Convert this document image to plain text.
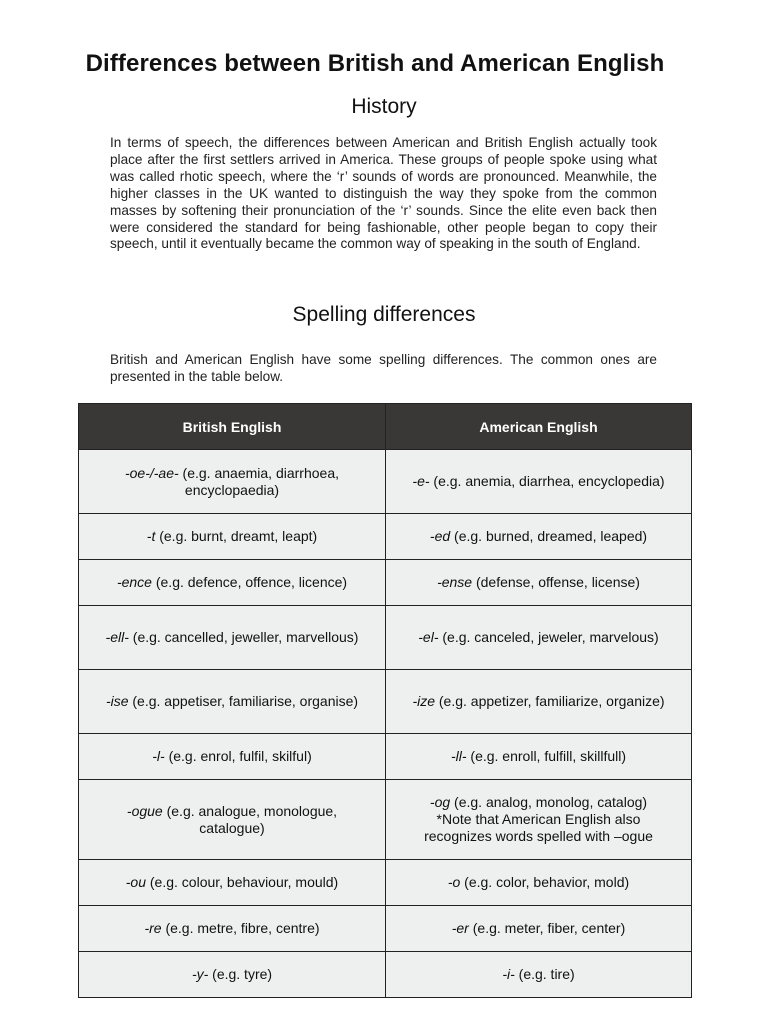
Differences between British and American English
History

In terms of speech, the differences between American and British English actually took place after the first settlers arrived in America. These groups of people spoke using what was called rhotic speech, where the ‘r’ sounds of words are pronounced. Meanwhile, the higher classes in the UK wanted to distinguish the way they spoke from the common masses by softening their pronunciation of the ‘r’ sounds. Since the elite even back then were considered the standard for being fashionable, other people began to copy their speech, until it eventually became the common way of speaking in the south of England.

Spelling differences

British and American English have some spelling differences. The common ones are presented in the table below.

British English	American English
-oe-/-ae- (e.g. anaemia, diarrhoea, encyclopaedia)	-e- (e.g. anemia, diarrhea, encyclopedia)
-t (e.g. burnt, dreamt, leapt)	-ed (e.g. burned, dreamed, leaped)
-ence (e.g. defence, offence, licence)	-ense (defense, offense, license)
-ell- (e.g. cancelled, jeweller, marvellous)	-el- (e.g. canceled, jeweler, marvelous)
-ise (e.g. appetiser, familiarise, organise)	-ize (e.g. appetizer, familiarize, organize)
-l- (e.g. enrol, fulfil, skilful)	-ll- (e.g. enroll, fulfill, skillfull)
-ogue (e.g. analogue, monologue, catalogue)	-og (e.g. analog, monolog, catalog)
*Note that American English also recognizes words spelled with –ogue

-ou (e.g. colour, behaviour, mould)	-o (e.g. color, behavior, mold)
-re (e.g. metre, fibre, centre)	-er (e.g. meter, fiber, center)
-y- (e.g. tyre)	-i- (e.g. tire)
